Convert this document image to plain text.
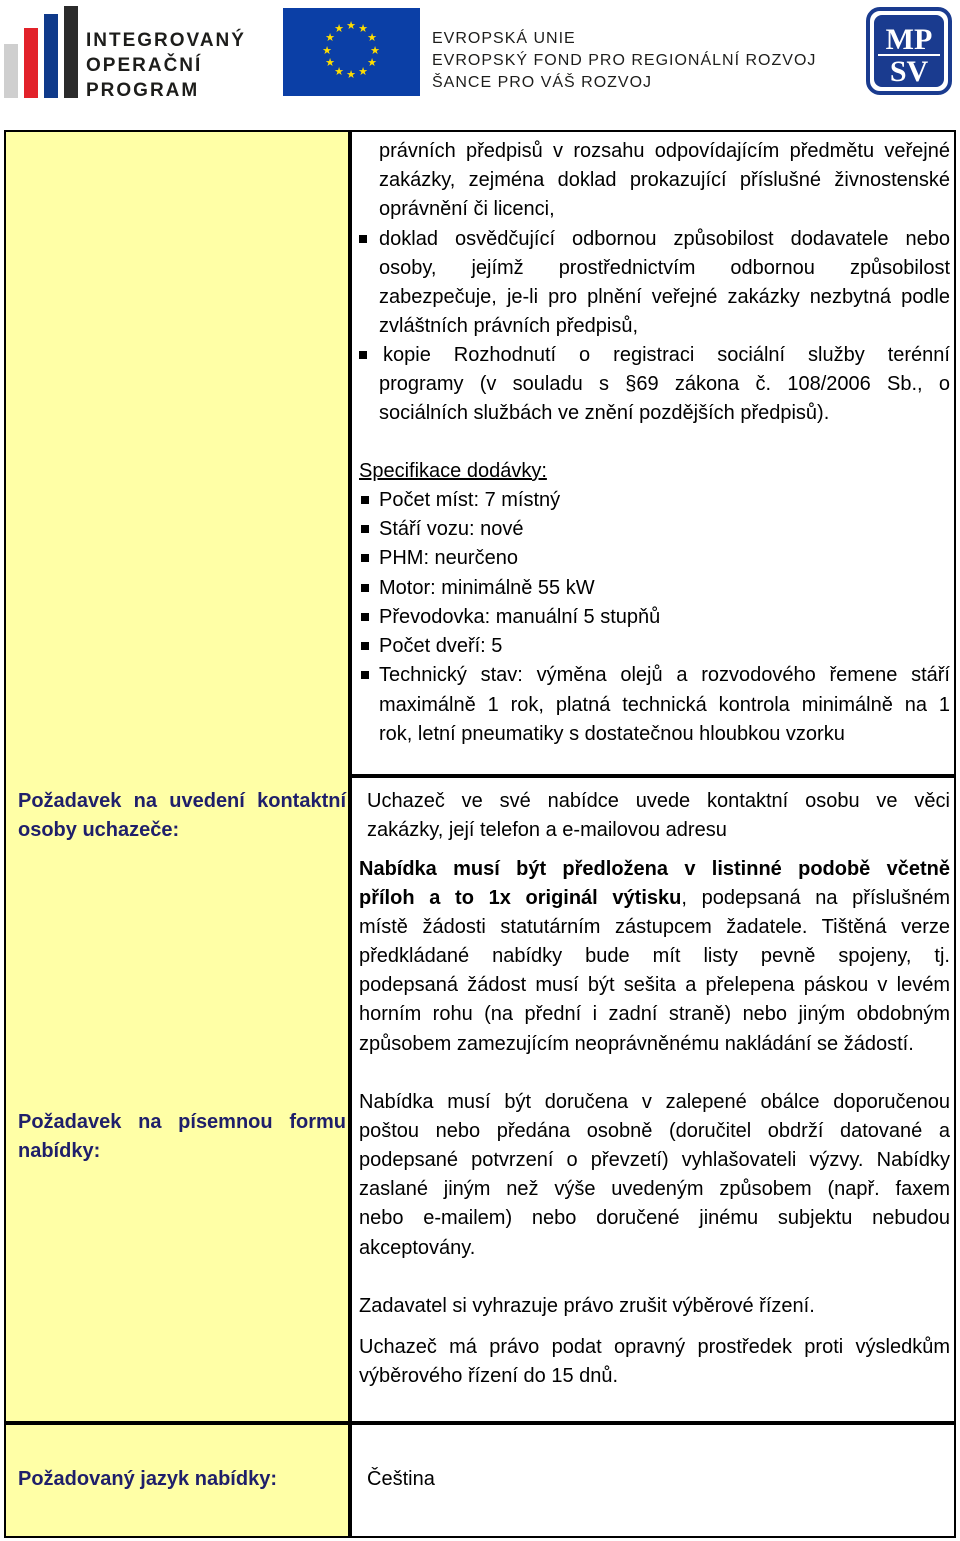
INTEGROVANÝ
OPERAČNÍ
PROGRAM
★ ★
★
★
★
★
★
★
★
★
★
★
EVROPSKÁ UNIE
EVROPSKÝ FOND PRO REGIONÁLNÍ ROZVOJ
ŠANCE PRO VÁŠ ROZVOJ
MP
SV
právních předpisů v rozsahu odpovídajícím předmětu veřejné
zakázky, zejména doklad prokazující příslušné živnostenské
oprávnění či licenci,
doklad osvědčující odbornou způsobilost dodavatele nebo
osoby, jejímž prostřednictvím odbornou způsobilost
zabezpečuje, je-li pro plnění veřejné zakázky nezbytná podle
zvláštních právních předpisů,
kopie Rozhodnutí o registraci sociální služby terénní
programy (v souladu s §69 zákona č. 108/2006 Sb., o
sociálních službách ve znění pozdějších předpisů).
Specifikace dodávky:
Počet míst: 7 místný
Stáří vozu: nové
PHM: neurčeno
Motor: minimálně 55 kW
Převodovka: manuální 5 stupňů
Počet dveří: 5
Technický stav: výměna olejů a rozvodového řemene stáří
maximálně 1 rok, platná technická kontrola minimálně na 1
rok, letní pneumatiky s dostatečnou hloubkou vzorku
Požadavek na uvedení kontaktní
osoby uchazeče:
Uchazeč ve své nabídce uvede kontaktní osobu ve věci
zakázky, její telefon a e-mailovou adresu
Požadavek na písemnou formu
nabídky:
Nabídka musí být předložena v listinné podobě včetně
příloh a to 1x originál výtisku, podepsaná na příslušném
místě žádosti statutárním zástupcem žadatele. Tištěná verze
předkládané nabídky bude mít listy pevně spojeny, tj.
podepsaná žádost musí být sešita a přelepena páskou v levém
horním rohu (na přední i zadní straně) nebo jiným obdobným
způsobem zamezujícím neoprávněnému nakládání se žádostí.
Nabídka musí být doručena v zalepené obálce doporučenou
poštou nebo předána osobně (doručitel obdrží datované a
podepsané potvrzení o převzetí) vyhlašovateli výzvy. Nabídky
zaslané jiným než výše uvedeným způsobem (např. faxem
nebo e-mailem) nebo doručené jinému subjektu nebudou
akceptovány.
Zadavatel si vyhrazuje právo zrušit výběrové řízení.
Uchazeč má právo podat opravný prostředek proti výsledkům
výběrového řízení do 15 dnů.
Požadovaný jazyk nabídky:	Čeština
